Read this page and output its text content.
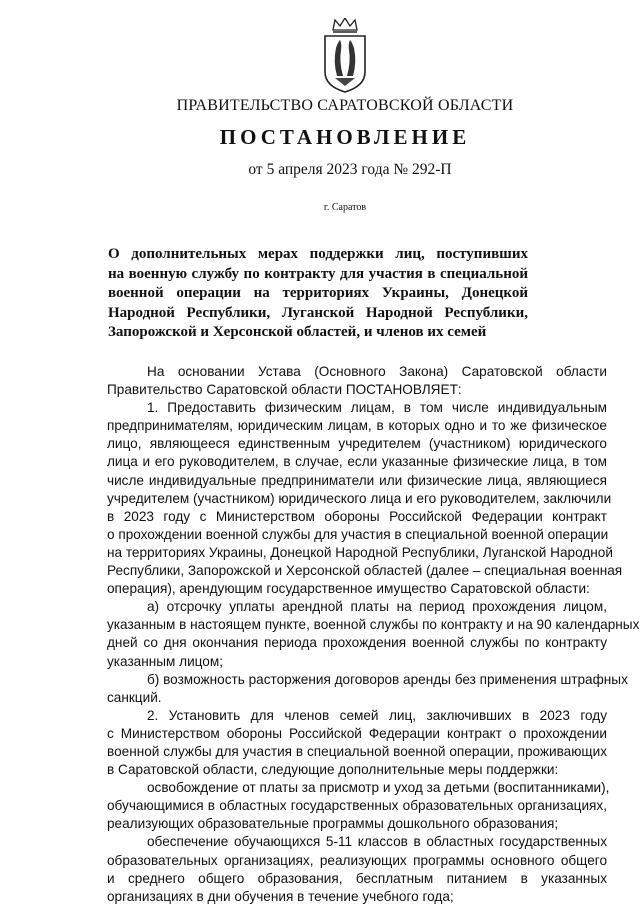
ПРАВИТЕЛЬСТВО САРАТОВСКОЙ ОБЛАСТИ
ПОСТАНОВЛЕНИЕ
от 5 апреля 2023 года № 292-П
г. Саратов
О дополнительных мерах поддержки лиц, поступивших
на военную службу по контракту для участия в специальной
военной операции на территориях Украины, Донецкой
Народной Республики, Луганской Народной Республики,
Запорожской и Херсонской областей, и членов их семей
На основании Устава (Основного Закона) Саратовской области
Правительство Саратовской области ПОСТАНОВЛЯЕТ:
1. Предоставить физическим лицам, в том числе индивидуальным
предпринимателям, юридическим лицам, в которых одно и то же физическое
лицо, являющееся единственным учредителем (участником) юридического
лица и его руководителем, в случае, если указанные физические лица, в том
числе индивидуальные предприниматели или физические лица, являющиеся
учредителем (участником) юридического лица и его руководителем, заключили
в 2023 году с Министерством обороны Российской Федерации контракт
о прохождении военной службы для участия в специальной военной операции
на территориях Украины, Донецкой Народной Республики, Луганской Народной
Республики, Запорожской и Херсонской областей (далее – специальная военная
операция), арендующим государственное имущество Саратовской области:
а) отсрочку уплаты арендной платы на период прохождения лицом,
указанным в настоящем пункте, военной службы по контракту и на 90 календарных
дней со дня окончания периода прохождения военной службы по контракту
указанным лицом;
б) возможность расторжения договоров аренды без применения штрафных
санкций.
2. Установить для членов семей лиц, заключивших в 2023 году
с Министерством обороны Российской Федерации контракт о прохождении
военной службы для участия в специальной военной операции, проживающих
в Саратовской области, следующие дополнительные меры поддержки:
освобождение от платы за присмотр и уход за детьми (воспитанниками),
обучающимися в областных государственных образовательных организациях,
реализующих образовательные программы дошкольного образования;
обеспечение обучающихся 5-11 классов в областных государственных
образовательных организациях, реализующих программы основного общего
и среднего общего образования, бесплатным питанием в указанных
организациях в дни обучения в течение учебного года;
